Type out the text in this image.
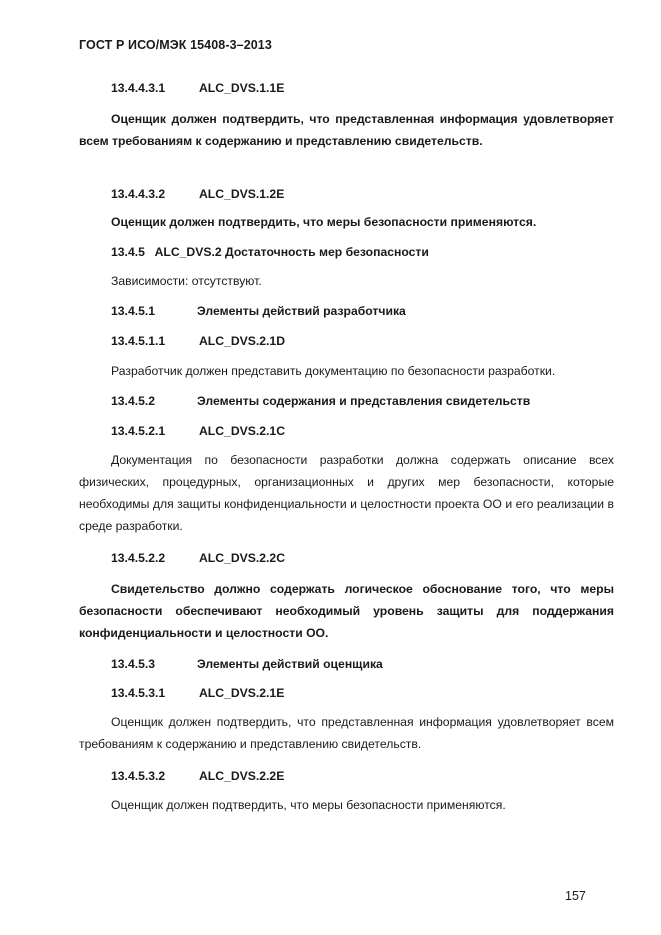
ГОСТ Р ИСО/МЭК 15408-3–2013
13.4.4.3.1	ALC_DVS.1.1E
Оценщик должен подтвердить, что представленная информация удовлетворяет всем требованиям к содержанию и представлению свидетельств.
13.4.4.3.2	ALC_DVS.1.2E
Оценщик должен подтвердить, что меры безопасности применяются.
13.4.5   ALC_DVS.2 Достаточность мер безопасности
Зависимости: отсутствуют.
13.4.5.1	Элементы действий разработчика
13.4.5.1.1	ALC_DVS.2.1D
Разработчик должен представить документацию по безопасности разработки.
13.4.5.2	Элементы содержания и представления свидетельств
13.4.5.2.1	ALC_DVS.2.1C
Документация по безопасности разработки должна содержать описание всех физических, процедурных, организационных и других мер безопасности, которые необходимы для защиты конфиденциальности и целостности проекта ОО и его реализации в среде разработки.
13.4.5.2.2	ALC_DVS.2.2C
Свидетельство должно содержать логическое обоснование того, что меры безопасности обеспечивают необходимый уровень защиты для поддержания конфиденциальности и целостности ОО.
13.4.5.3	Элементы действий оценщика
13.4.5.3.1	ALC_DVS.2.1E
Оценщик должен подтвердить, что представленная информация удовлетворяет всем требованиям к содержанию и представлению свидетельств.
13.4.5.3.2	ALC_DVS.2.2E
Оценщик должен подтвердить, что меры безопасности применяются.
157
